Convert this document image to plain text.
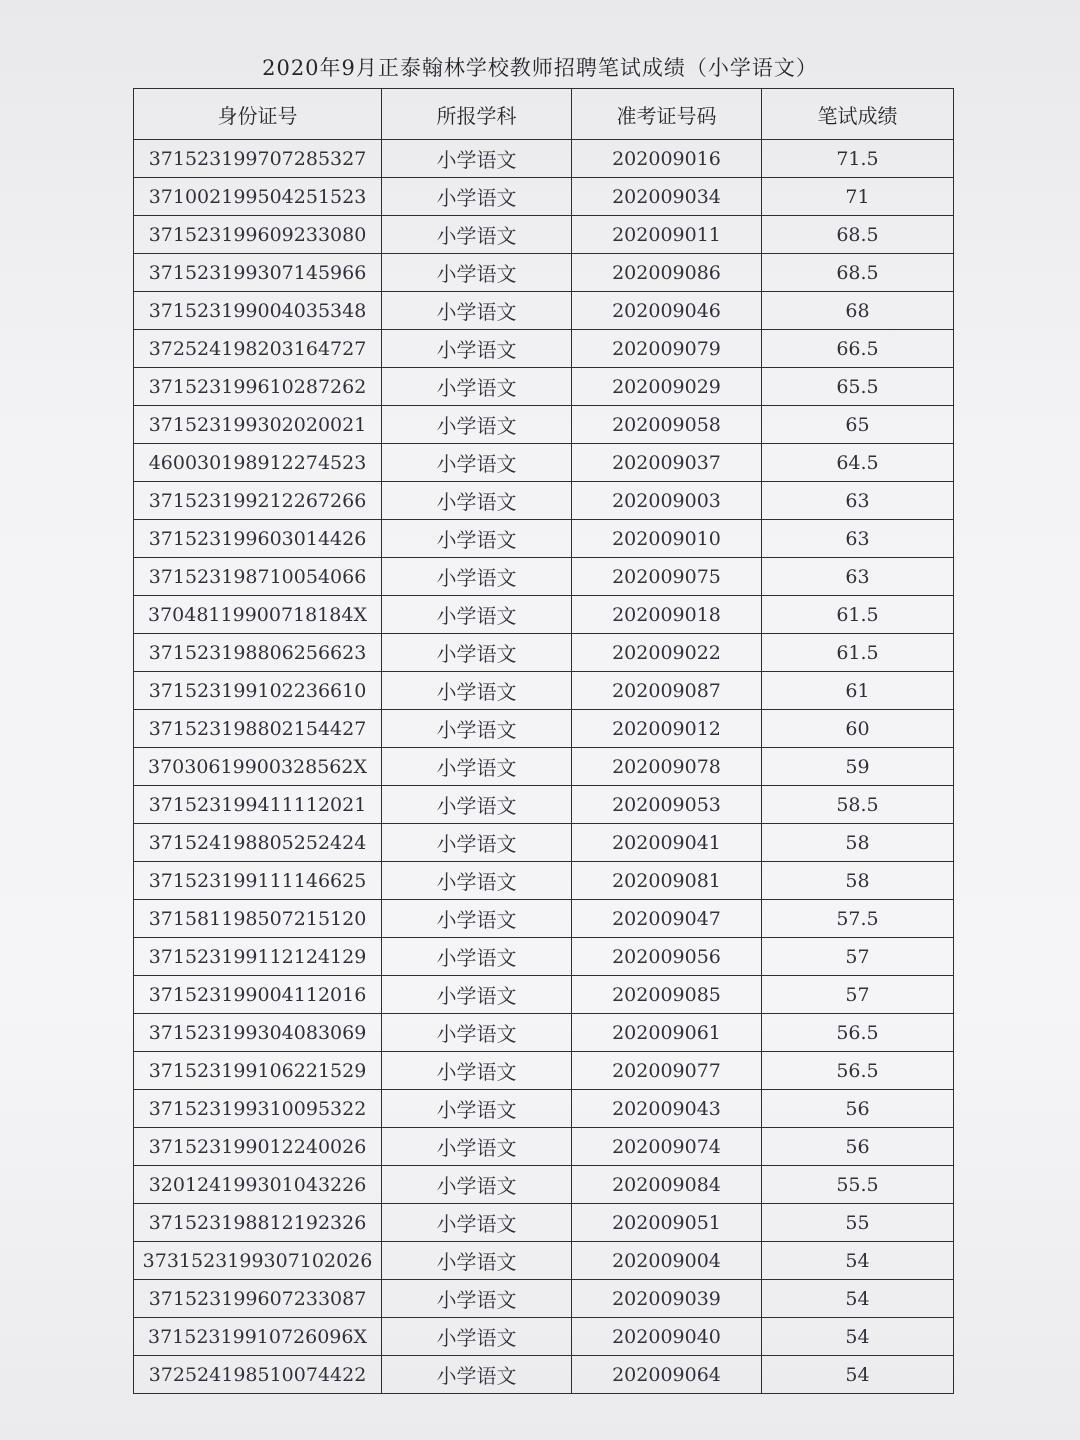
2020年9月正泰翰林学校教师招聘笔试成绩（小学语文）
身份证号	所报学科	准考证号码	笔试成绩
371523199707285327	小学语文	202009016	71.5
371002199504251523	小学语文	202009034	71
371523199609233080	小学语文	202009011	68.5
371523199307145966	小学语文	202009086	68.5
371523199004035348	小学语文	202009046	68
372524198203164727	小学语文	202009079	66.5
371523199610287262	小学语文	202009029	65.5
371523199302020021	小学语文	202009058	65
460030198912274523	小学语文	202009037	64.5
371523199212267266	小学语文	202009003	63
371523199603014426	小学语文	202009010	63
371523198710054066	小学语文	202009075	63
37048119900718184X	小学语文	202009018	61.5
371523198806256623	小学语文	202009022	61.5
371523199102236610	小学语文	202009087	61
371523198802154427	小学语文	202009012	60
37030619900328562X	小学语文	202009078	59
371523199411112021	小学语文	202009053	58.5
371524198805252424	小学语文	202009041	58
371523199111146625	小学语文	202009081	58
371581198507215120	小学语文	202009047	57.5
371523199112124129	小学语文	202009056	57
371523199004112016	小学语文	202009085	57
371523199304083069	小学语文	202009061	56.5
371523199106221529	小学语文	202009077	56.5
371523199310095322	小学语文	202009043	56
371523199012240026	小学语文	202009074	56
320124199301043226	小学语文	202009084	55.5
371523198812192326	小学语文	202009051	55
3731523199307102026	小学语文	202009004	54
371523199607233087	小学语文	202009039	54
37152319910726096X	小学语文	202009040	54
372524198510074422	小学语文	202009064	54
